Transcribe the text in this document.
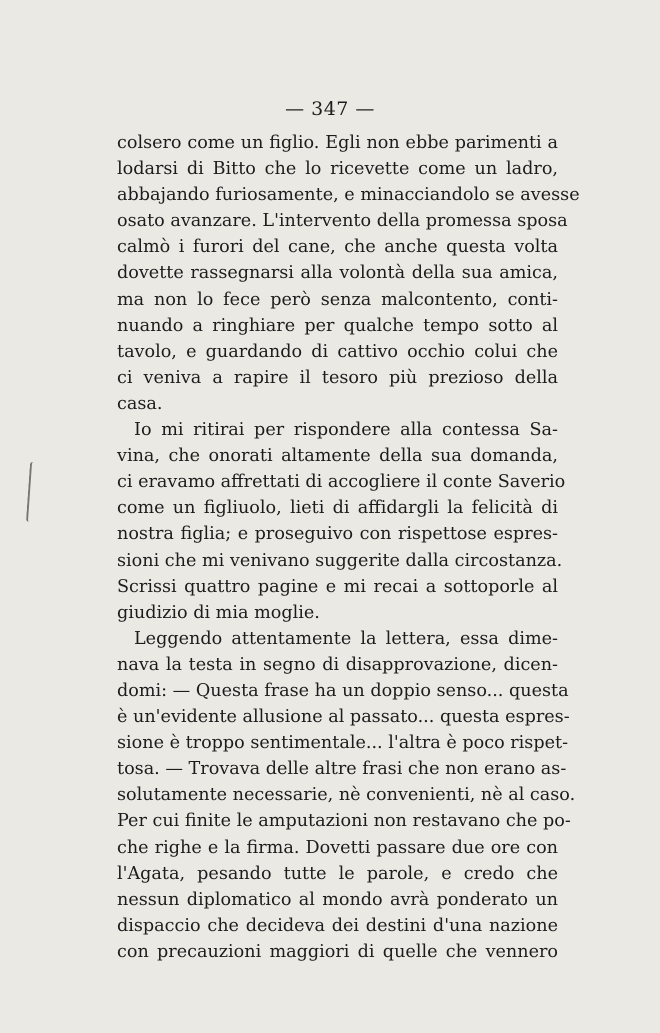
— 347 —

colsero come un figlio. Egli non ebbe parimenti a
lodarsi di Bitto che lo ricevette come un ladro,
abbajando furiosamente, e minacciandolo se avesse
osato avanzare. L'intervento della promessa sposa
calmò i furori del cane, che anche questa volta
dovette rassegnarsi alla volontà della sua amica,
ma non lo fece però senza malcontento, conti-
nuando a ringhiare per qualche tempo sotto al
tavolo, e guardando di cattivo occhio colui che
ci veniva a rapire il tesoro più prezioso della
casa.
Io mi ritirai per rispondere alla contessa Sa-
vina, che onorati altamente della sua domanda,
ci eravamo affrettati di accogliere il conte Saverio
come un figliuolo, lieti di affidargli la felicità di
nostra figlia; e proseguivo con rispettose espres-
sioni che mi venivano suggerite dalla circostanza.
Scrissi quattro pagine e mi recai a sottoporle al
giudizio di mia moglie.
Leggendo attentamente la lettera, essa dime-
nava la testa in segno di disapprovazione, dicen-
domi: — Questa frase ha un doppio senso... questa
è un'evidente allusione al passato... questa espres-
sione è troppo sentimentale... l'altra è poco rispet-
tosa. — Trovava delle altre frasi che non erano as-
solutamente necessarie, nè convenienti, nè al caso.
Per cui finite le amputazioni non restavano che po-
che righe e la firma. Dovetti passare due ore con
l'Agata, pesando tutte le parole, e credo che
nessun diplomatico al mondo avrà ponderato un
dispaccio che decideva dei destini d'una nazione
con precauzioni maggiori di quelle che vennero
